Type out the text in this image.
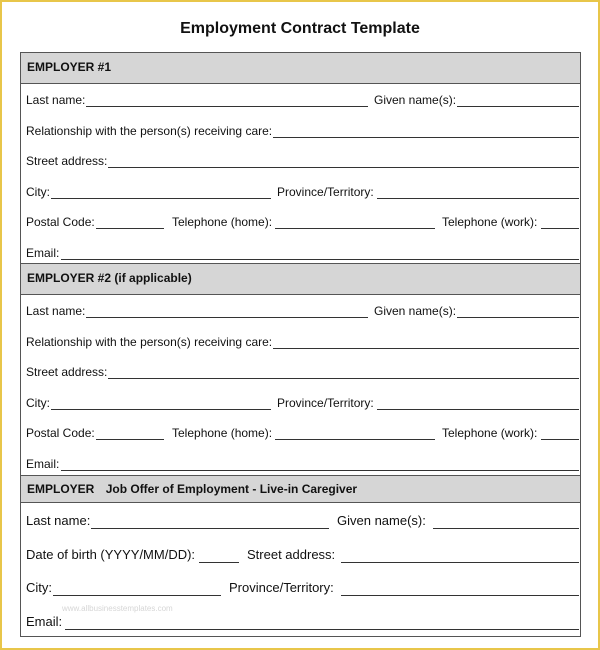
Employment Contract Template
EMPLOYER #1
Last name:	Given name(s):
Relationship with the person(s) receiving care:
Street address:
City:	Province/Territory:
Postal Code:	Telephone (home):	Telephone (work):
Email:
EMPLOYER #2 (if applicable)
Last name:	Given name(s):
Relationship with the person(s) receiving care:
Street address:
City:	Province/Territory:
Postal Code:	Telephone (home):	Telephone (work):
Email:
EMPLOYER Job Offer of Employment - Live-in Caregiver
Last name:	Given name(s):
Date of birth (YYYY/MM/DD):	Street address:
City:	Province/Territory:
Email:
www.allbusinesstemplates.com
